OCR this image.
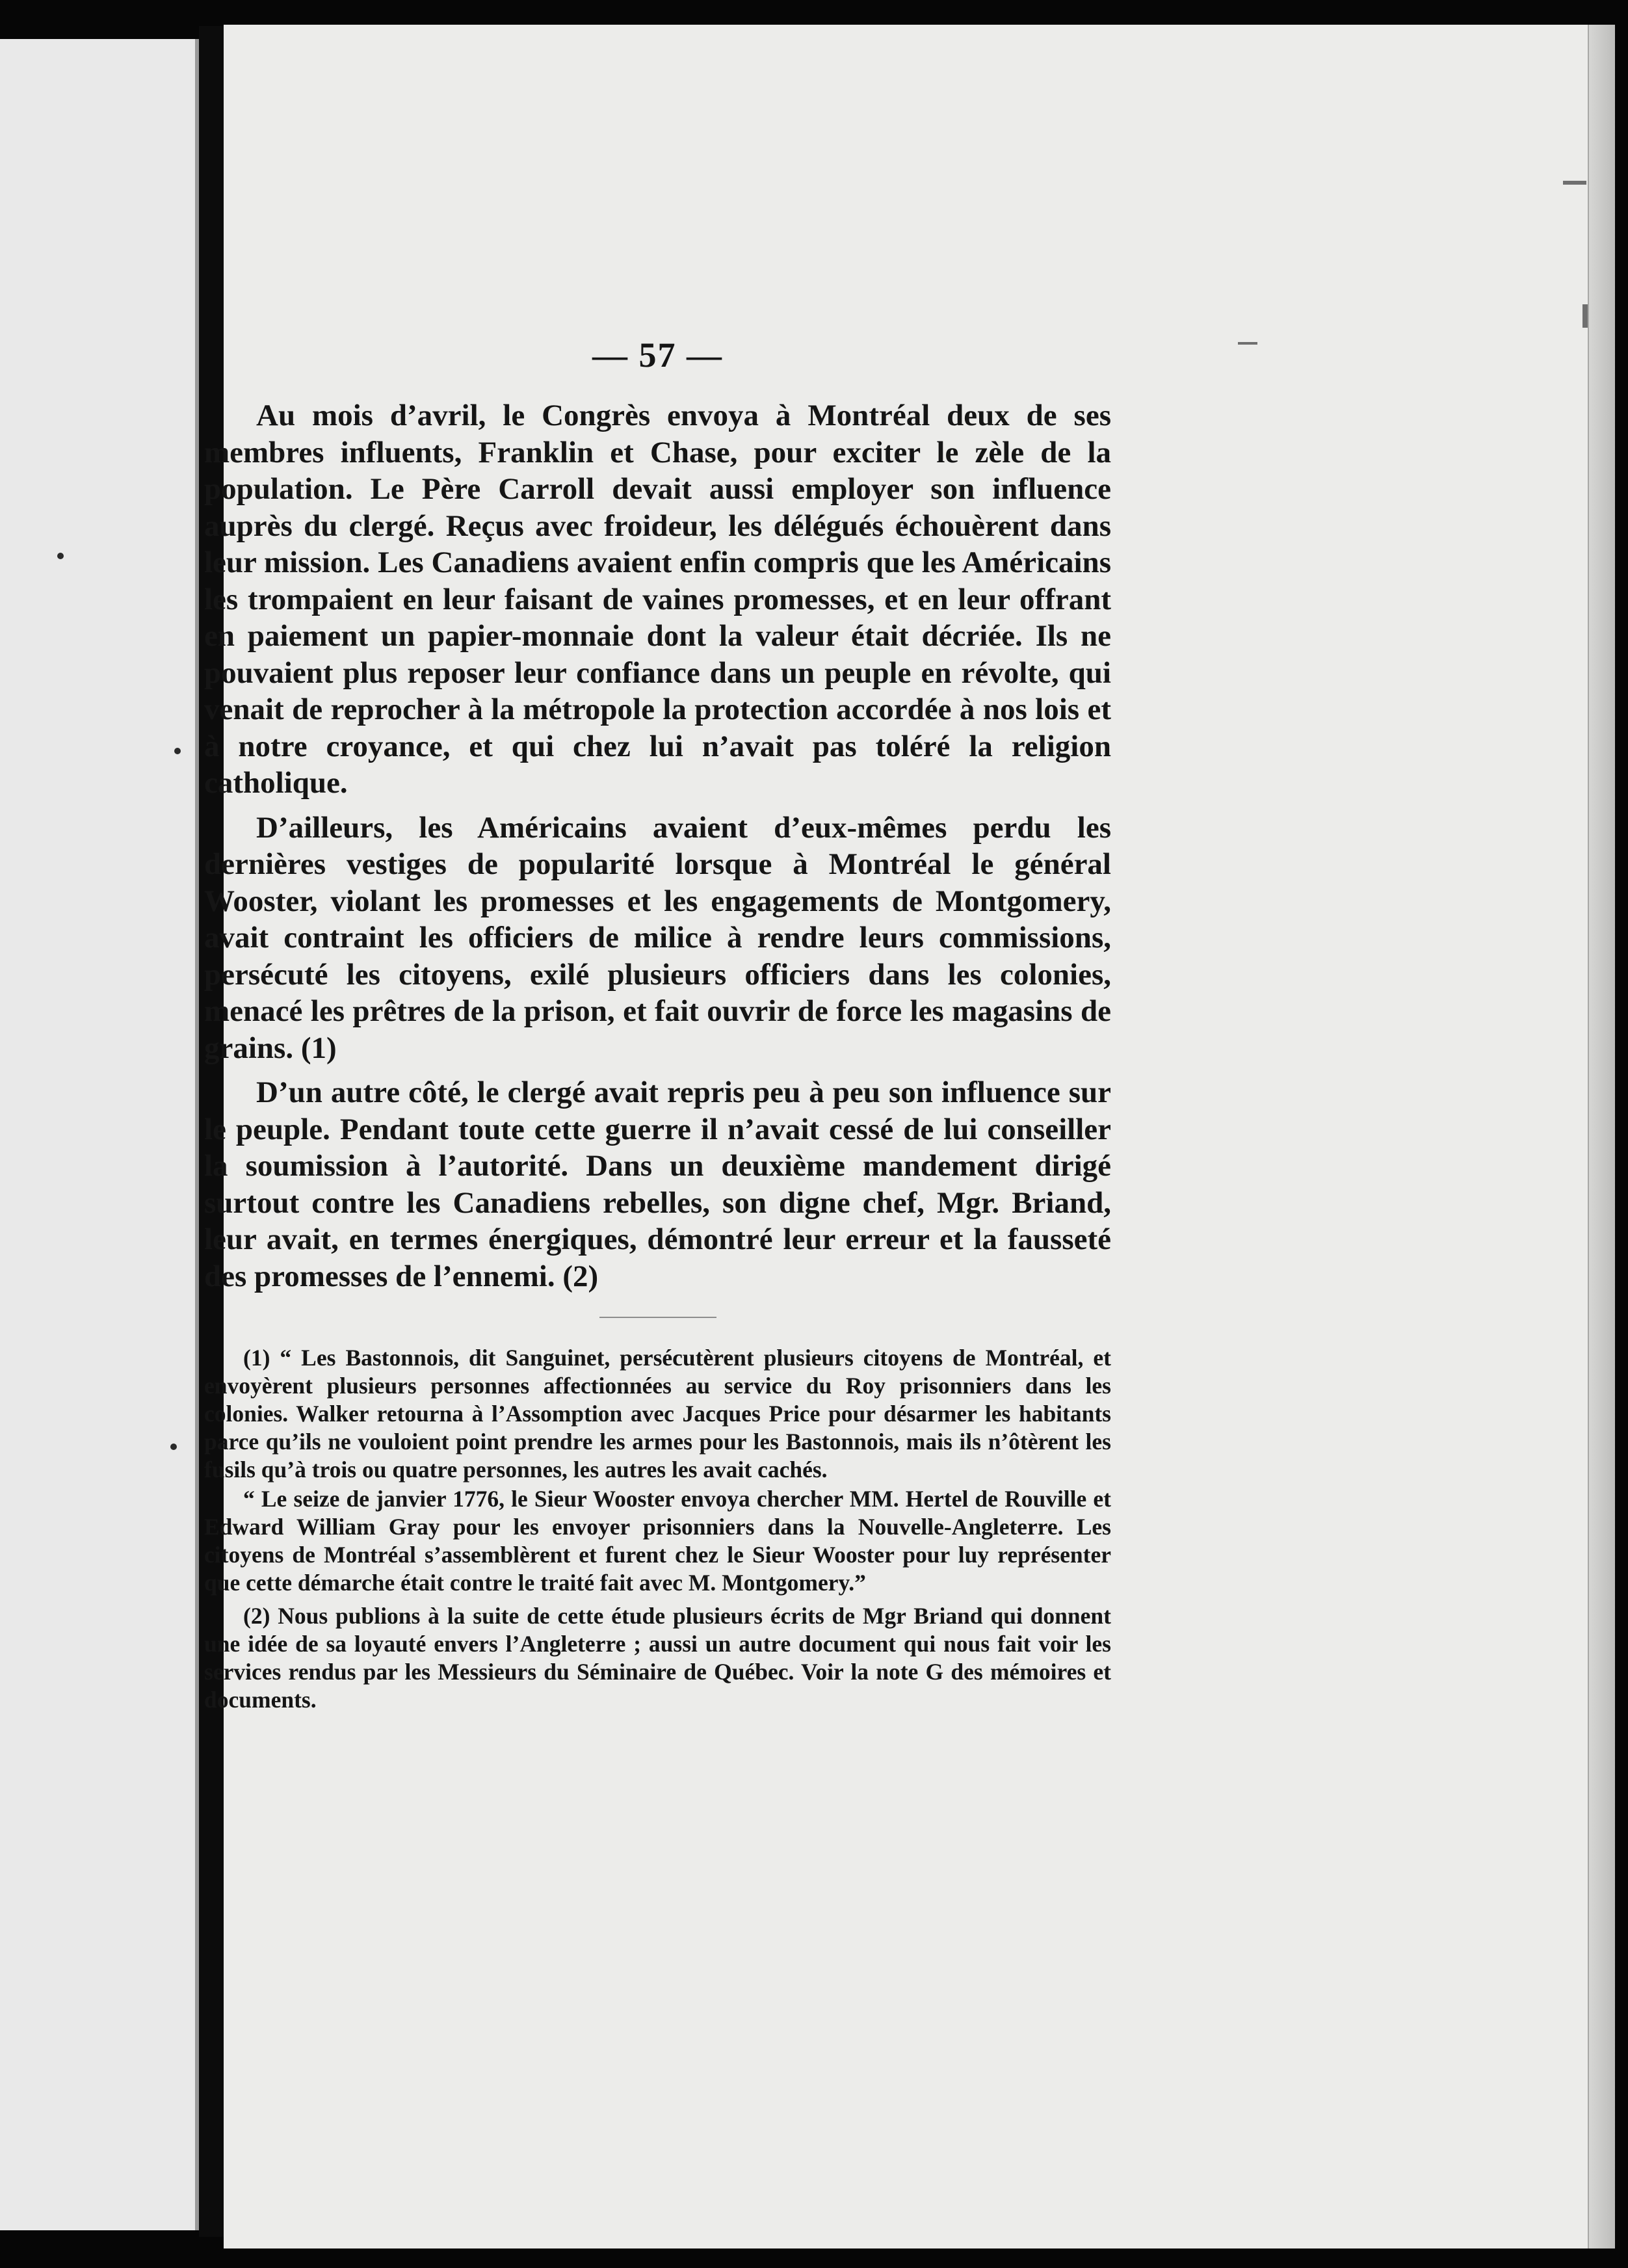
— 57 —

Au mois d’avril, le Congrès envoya à Montréal deux de ses membres influents, Franklin et Chase, pour exciter le zèle de la population. Le Père Carroll devait aussi employer son influence auprès du clergé. Reçus avec froideur, les délégués échouèrent dans leur mission. Les Canadiens avaient enfin compris que les Américains les trompaient en leur faisant de vaines promesses, et en leur offrant en paiement un papier-monnaie dont la valeur était décriée. Ils ne pouvaient plus reposer leur confiance dans un peuple en révolte, qui venait de reprocher à la métropole la protection accordée à nos lois et à notre croyance, et qui chez lui n’avait pas toléré la religion catholique.

D’ailleurs, les Américains avaient d’eux-mêmes perdu les dernières vestiges de popularité lorsque à Montréal le général Wooster, violant les promesses et les engagements de Montgomery, avait contraint les officiers de milice à rendre leurs commissions, persécuté les citoyens, exilé plusieurs officiers dans les colonies, menacé les prêtres de la prison, et fait ouvrir de force les magasins de grains. (1)

D’un autre côté, le clergé avait repris peu à peu son influence sur le peuple. Pendant toute cette guerre il n’avait cessé de lui conseiller la soumission à l’autorité. Dans un deuxième mandement dirigé surtout contre les Canadiens rebelles, son digne chef, Mgr. Briand, leur avait, en termes énergiques, démontré leur erreur et la fausseté des promesses de l’ennemi. (2)

(1) “ Les Bastonnois, dit Sanguinet, persécutèrent plusieurs citoyens de Montréal, et envoyèrent plusieurs personnes affectionnées au service du Roy prisonniers dans les colonies. Walker retourna à l’Assomption avec Jacques Price pour désarmer les habitants parce qu’ils ne vouloient point prendre les armes pour les Bastonnois, mais ils n’ôtèrent les fusils qu’à trois ou quatre personnes, les autres les avait cachés.

“ Le seize de janvier 1776, le Sieur Wooster envoya chercher MM. Hertel de Rouville et Edward William Gray pour les envoyer prisonniers dans la Nouvelle-Angleterre. Les citoyens de Montréal s’assemblèrent et furent chez le Sieur Wooster pour luy représenter que cette démarche était contre le traité fait avec M. Montgomery.”

(2) Nous publions à la suite de cette étude plusieurs écrits de Mgr Briand qui donnent une idée de sa loyauté envers l’Angleterre ; aussi un autre document qui nous fait voir les services rendus par les Messieurs du Séminaire de Québec. Voir la note G des mémoires et documents.
